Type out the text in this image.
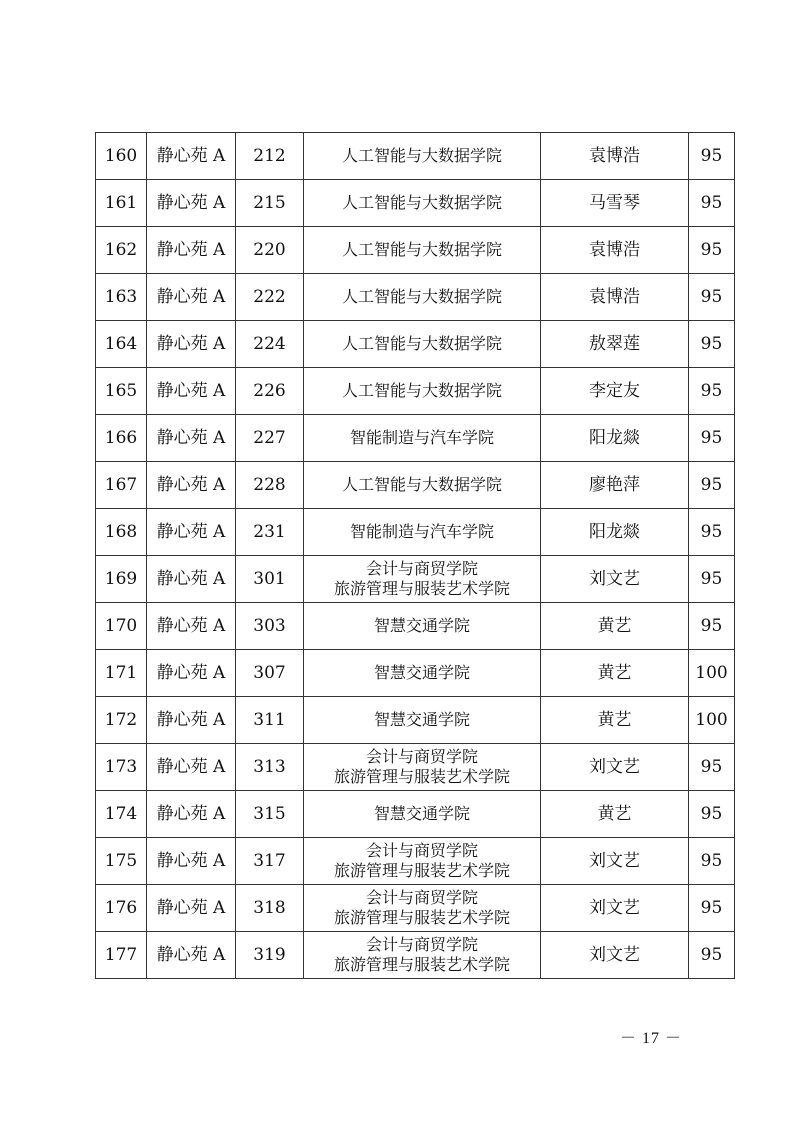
160	静心苑 A	212	人工智能与大数据学院	袁博浩	95
161	静心苑 A	215	人工智能与大数据学院	马雪琴	95
162	静心苑 A	220	人工智能与大数据学院	袁博浩	95
163	静心苑 A	222	人工智能与大数据学院	袁博浩	95
164	静心苑 A	224	人工智能与大数据学院	敖翠莲	95
165	静心苑 A	226	人工智能与大数据学院	李定友	95
166	静心苑 A	227	智能制造与汽车学院	阳龙燚	95
167	静心苑 A	228	人工智能与大数据学院	廖艳萍	95
168	静心苑 A	231	智能制造与汽车学院	阳龙燚	95
169	静心苑 A	301	会计与商贸学院
旅游管理与服装艺术学院	刘文艺	95
170	静心苑 A	303	智慧交通学院	黄艺	95
171	静心苑 A	307	智慧交通学院	黄艺	100
172	静心苑 A	311	智慧交通学院	黄艺	100
173	静心苑 A	313	会计与商贸学院
旅游管理与服装艺术学院	刘文艺	95
174	静心苑 A	315	智慧交通学院	黄艺	95
175	静心苑 A	317	会计与商贸学院
旅游管理与服装艺术学院	刘文艺	95
176	静心苑 A	318	会计与商贸学院
旅游管理与服装艺术学院	刘文艺	95
177	静心苑 A	319	会计与商贸学院
旅游管理与服装艺术学院	刘文艺	95
－ 17 －
